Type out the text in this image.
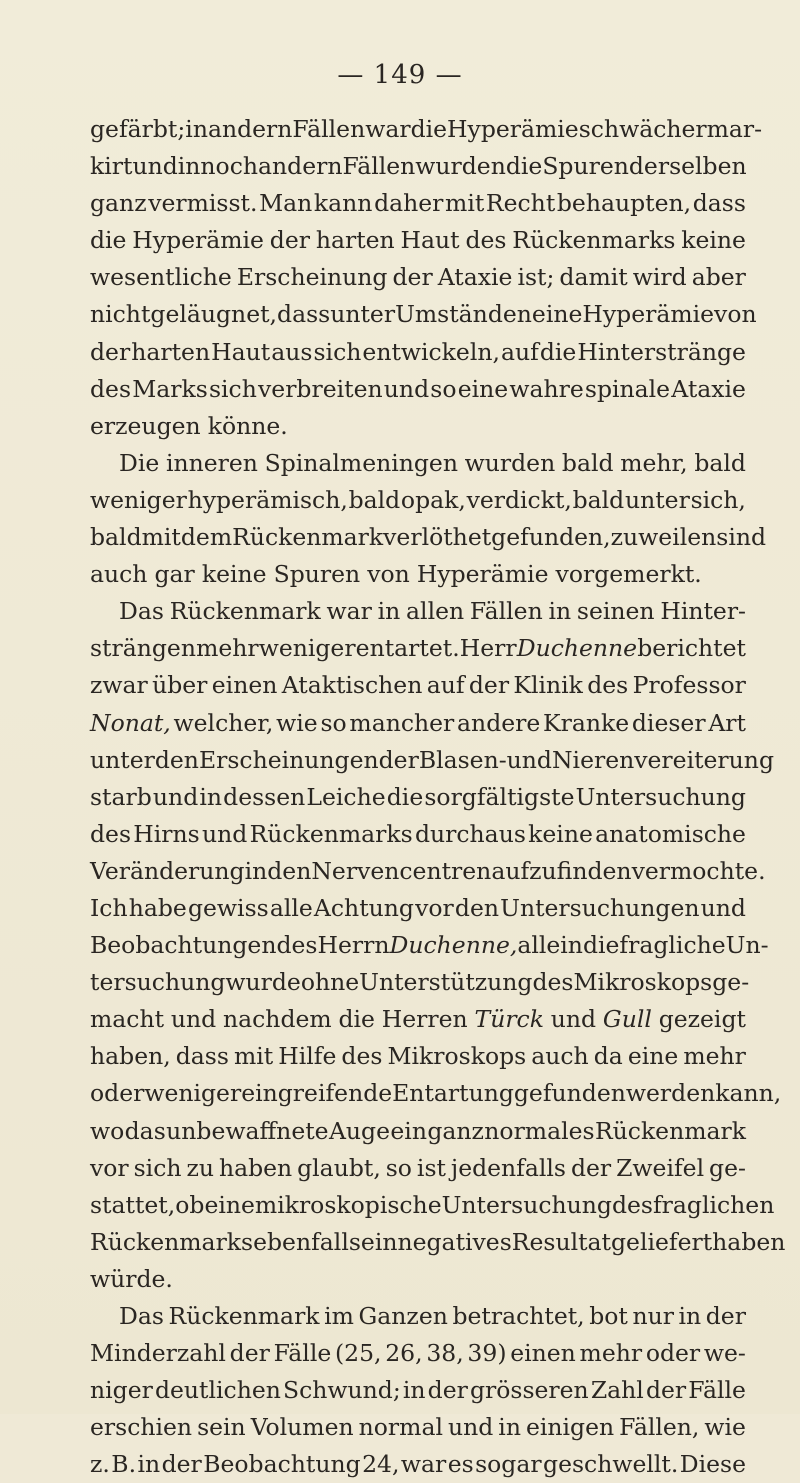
— 149 —
gefärbt; in andern Fällen war die Hyperämie schwächer mar-
kirt und in noch andern Fällen wurden die Spuren derselben
ganz vermisst. Man kann daher mit Recht behaupten, dass
die Hyperämie der harten Haut des Rückenmarks keine
wesentliche Erscheinung der Ataxie ist; damit wird aber
nicht geläugnet, dass unter Umständen eine Hyperämie von
der harten Haut aus sich entwickeln, auf die Hinterstränge
des Marks sich verbreiten und so eine wahre spinale Ataxie
erzeugen könne.
Die inneren Spinalmeningen wurden bald mehr, bald
weniger hyperämisch, bald opak, verdickt, bald unter sich,
bald mit dem Rückenmark verlöthet gefunden, zuweilen sind
auch gar keine Spuren von Hyperämie vorgemerkt.
Das Rückenmark war in allen Fällen in seinen Hinter-
strängen mehr weniger entartet. Herr Duchenne berichtet
zwar über einen Ataktischen auf der Klinik des Professor
Nonat, welcher, wie so mancher andere Kranke dieser Art
unter den Erscheinungen der Blasen- und Nierenvereiterung
starb und in dessen Leiche die sorgfältigste Untersuchung
des Hirns und Rückenmarks durchaus keine anatomische
Veränderung in den Nervencentren aufzufinden vermochte.
Ich habe gewiss alle Achtung vor den Untersuchungen und
Beobachtungen des Herrn Duchenne, allein die fragliche Un-
tersuchung wurde ohne Unterstützung des Mikroskops ge-
macht und nachdem die Herren Türck und Gull gezeigt
haben, dass mit Hilfe des Mikroskops auch da eine mehr
oder weniger eingreifende Entartung gefunden werden kann,
wo das unbewaffnete Auge ein ganz normales Rückenmark
vor sich zu haben glaubt, so ist jedenfalls der Zweifel ge-
stattet, ob eine mikroskopische Untersuchung des fraglichen
Rückenmarks ebenfalls ein negatives Resultat geliefert haben
würde.
Das Rückenmark im Ganzen betrachtet, bot nur in der
Minderzahl der Fälle (25, 26, 38, 39) einen mehr oder we-
niger deutlichen Schwund; in der grösseren Zahl der Fälle
erschien sein Volumen normal und in einigen Fällen, wie
z. B. in der Beobachtung 24, war es sogar geschwellt. Diese
